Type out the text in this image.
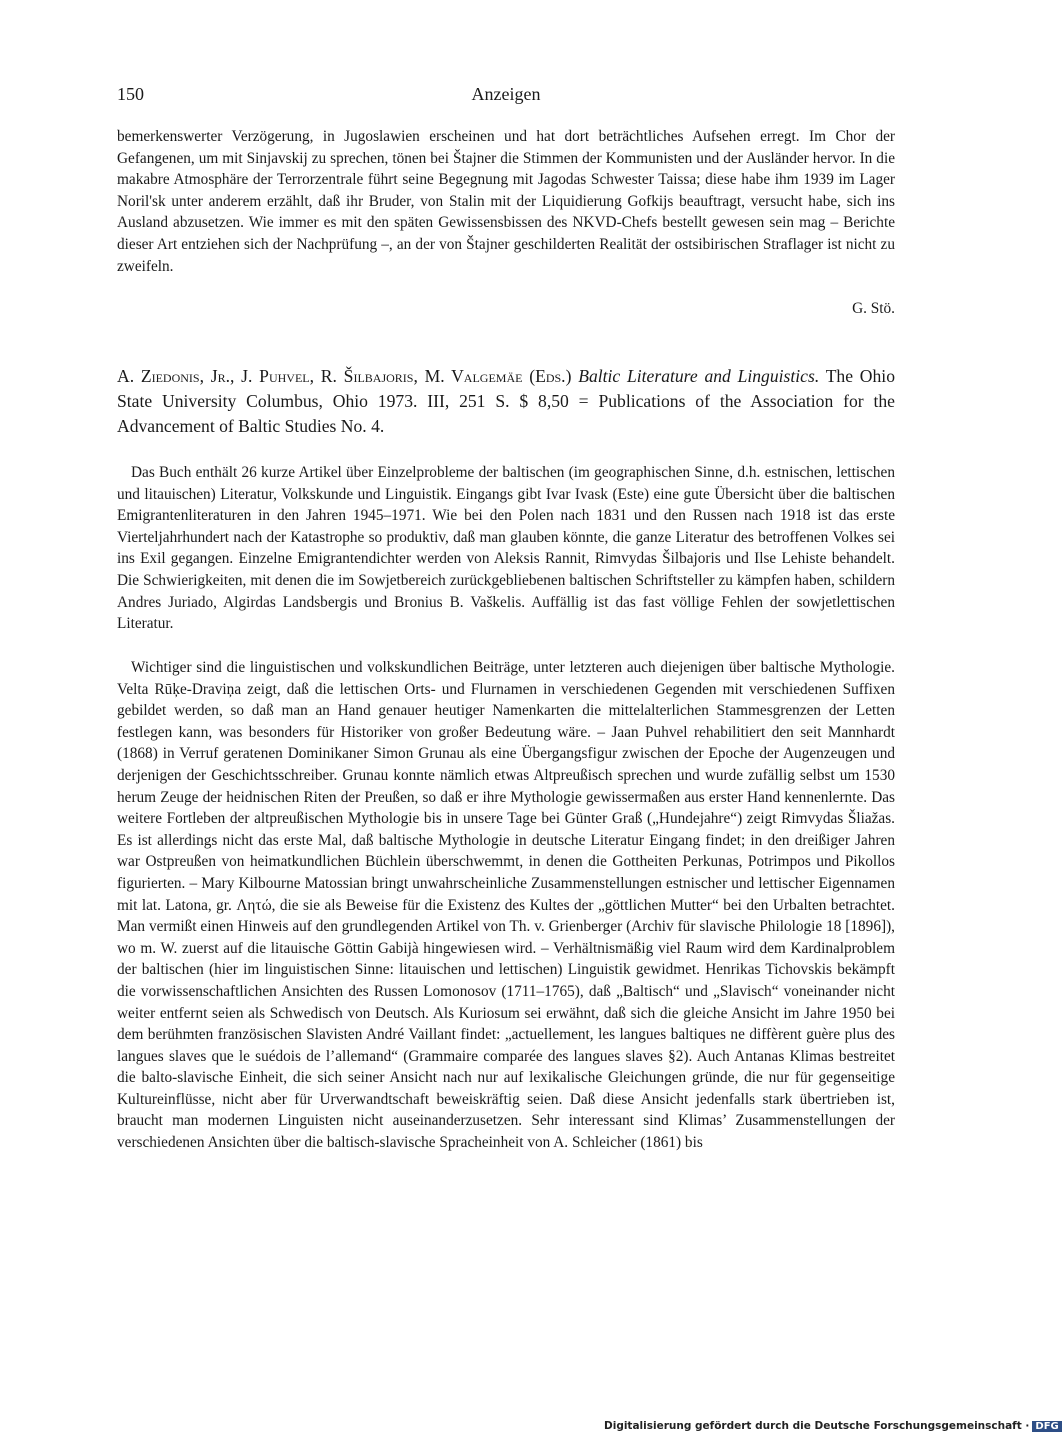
150	Anzeigen

bemerkenswerter Verzögerung, in Jugoslawien erscheinen und hat dort beträchtliches Aufsehen erregt. Im Chor der Gefangenen, um mit Sinjavskij zu sprechen, tönen bei Štajner die Stimmen der Kommunisten und der Ausländer hervor. In die makabre Atmosphäre der Terrorzentrale führt seine Begegnung mit Jagodas Schwester Taissa; diese habe ihm 1939 im Lager Noril'sk unter anderem erzählt, daß ihr Bruder, von Stalin mit der Liquidierung Gofkijs beauftragt, versucht habe, sich ins Ausland abzusetzen. Wie immer es mit den späten Gewissensbissen des NKVD-Chefs bestellt gewesen sein mag – Berichte dieser Art entziehen sich der Nachprüfung –, an der von Štajner geschilderten Realität der ostsibirischen Straflager ist nicht zu zweifeln.

G. Stö.
A. Ziedonis, Jr., J. Puhvel, R. Šilbajoris, M. Valgemäe (Eds.) Baltic Literature and Linguistics. The Ohio State University Columbus, Ohio 1973. III, 251 S. $ 8,50 = Publications of the Association for the Advancement of Baltic Studies No. 4.

Das Buch enthält 26 kurze Artikel über Einzelprobleme der baltischen (im geographischen Sinne, d.h. estnischen, lettischen und litauischen) Literatur, Volkskunde und Linguistik. Eingangs gibt Ivar Ivask (Este) eine gute Übersicht über die baltischen Emigrantenliteraturen in den Jahren 1945–1971. Wie bei den Polen nach 1831 und den Russen nach 1918 ist das erste Vierteljahrhundert nach der Katastrophe so produktiv, daß man glauben könnte, die ganze Literatur des betroffenen Volkes sei ins Exil gegangen. Einzelne Emigrantendichter werden von Aleksis Rannit, Rimvydas Šilbajoris und Ilse Lehiste behandelt. Die Schwierigkeiten, mit denen die im Sowjetbereich zurückgebliebenen baltischen Schriftsteller zu kämpfen haben, schildern Andres Juriado, Algirdas Landsbergis und Bronius B. Vaškelis. Auffällig ist das fast völlige Fehlen der sowjetlettischen Literatur.

Wichtiger sind die linguistischen und volkskundlichen Beiträge, unter letzteren auch diejenigen über baltische Mythologie. Velta Rūķe-Draviņa zeigt, daß die lettischen Orts- und Flurnamen in verschiedenen Gegenden mit verschiedenen Suffixen gebildet werden, so daß man an Hand genauer heutiger Namenkarten die mittelalterlichen Stammesgrenzen der Letten festlegen kann, was besonders für Historiker von großer Bedeutung wäre. – Jaan Puhvel rehabilitiert den seit Mannhardt (1868) in Verruf geratenen Dominikaner Simon Grunau als eine Übergangsfigur zwischen der Epoche der Augenzeugen und derjenigen der Geschichtsschreiber. Grunau konnte nämlich etwas Altpreußisch sprechen und wurde zufällig selbst um 1530 herum Zeuge der heidnischen Riten der Preußen, so daß er ihre Mythologie gewissermaßen aus erster Hand kennenlernte. Das weitere Fortleben der altpreußischen Mythologie bis in unsere Tage bei Günter Graß („Hundejahre“) zeigt Rimvydas Šliažas. Es ist allerdings nicht das erste Mal, daß baltische Mythologie in deutsche Literatur Eingang findet; in den dreißiger Jahren war Ostpreußen von heimatkundlichen Büchlein überschwemmt, in denen die Gottheiten Perkunas, Potrimpos und Pikollos figurierten. – Mary Kilbourne Matossian bringt unwahrscheinliche Zusammenstellungen estnischer und lettischer Eigennamen mit lat. Latona, gr. Λητώ, die sie als Beweise für die Existenz des Kultes der „göttlichen Mutter“ bei den Urbalten betrachtet. Man vermißt einen Hinweis auf den grundlegenden Artikel von Th. v. Grienberger (Archiv für slavische Philologie 18 [1896]), wo m. W. zuerst auf die litauische Göttin Gabijà hingewiesen wird. – Verhältnismäßig viel Raum wird dem Kardinalproblem der baltischen (hier im linguistischen Sinne: litauischen und lettischen) Linguistik gewidmet. Henrikas Tichovskis bekämpft die vorwissenschaftlichen Ansichten des Russen Lomonosov (1711–1765), daß „Baltisch“ und „Slavisch“ voneinander nicht weiter entfernt seien als Schwedisch von Deutsch. Als Kuriosum sei erwähnt, daß sich die gleiche Ansicht im Jahre 1950 bei dem berühmten französischen Slavisten André Vaillant findet: „actuellement, les langues baltiques ne diffèrent guère plus des langues slaves que le suédois de l’allemand“ (Grammaire comparée des langues slaves §2). Auch Antanas Klimas bestreitet die balto-slavische Einheit, die sich seiner Ansicht nach nur auf lexikalische Gleichungen gründe, die nur für gegenseitige Kultureinflüsse, nicht aber für Urverwandtschaft beweiskräftig seien. Daß diese Ansicht jedenfalls stark übertrieben ist, braucht man modernen Linguisten nicht auseinanderzusetzen. Sehr interessant sind Klimas’ Zusammenstellungen der verschiedenen Ansichten über die baltisch-slavische Spracheinheit von A. Schleicher (1861) bis

Digitalisierung gefördert durch die Deutsche Forschungsgemeinschaft · DFG
